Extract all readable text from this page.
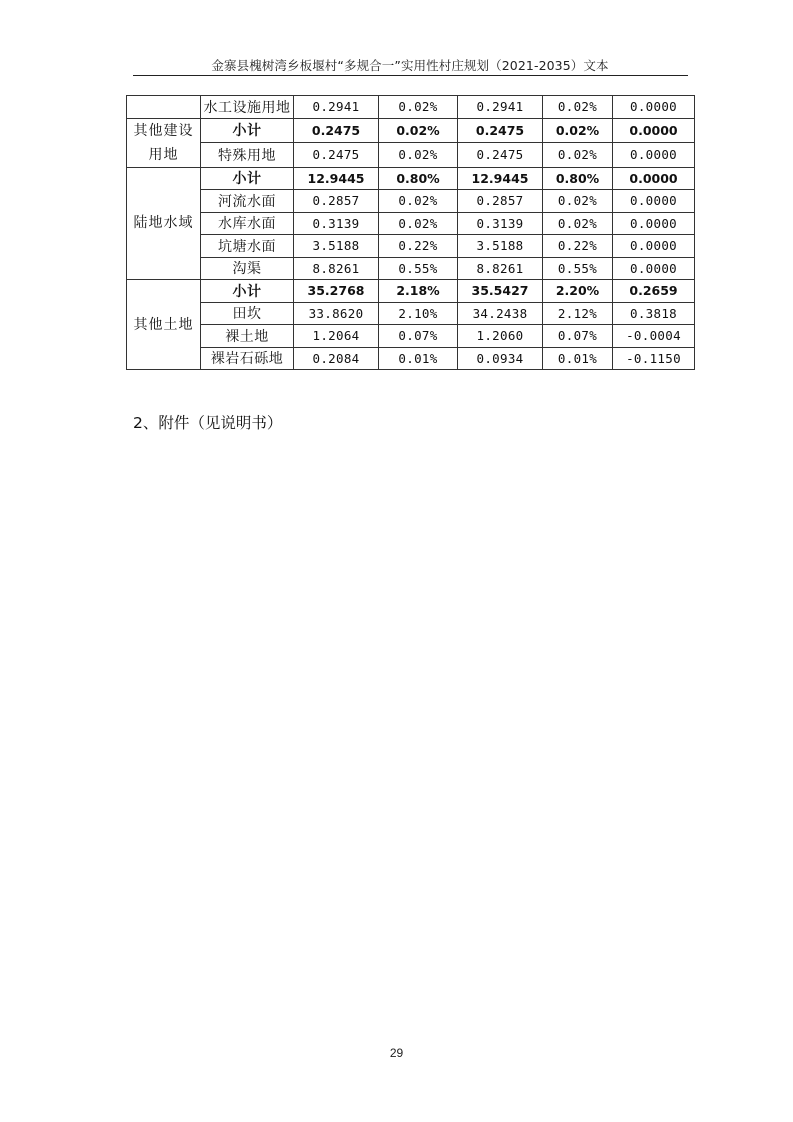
金寨县槐树湾乡板堰村“多规合一”实用性村庄规划（2021-2035）文本
	水工设施用地	0.2941	0.02%	0.2941	0.02%	0.0000
其他建设用地	小计	0.2475	0.02%	0.2475	0.02%	0.0000
	特殊用地	0.2475	0.02%	0.2475	0.02%	0.0000
陆地水域	小计	12.9445	0.80%	12.9445	0.80%	0.0000
	河流水面	0.2857	0.02%	0.2857	0.02%	0.0000
	水库水面	0.3139	0.02%	0.3139	0.02%	0.0000
	坑塘水面	3.5188	0.22%	3.5188	0.22%	0.0000
	沟渠	8.8261	0.55%	8.8261	0.55%	0.0000
其他土地	小计	35.2768	2.18%	35.5427	2.20%	0.2659
	田坎	33.8620	2.10%	34.2438	2.12%	0.3818
	裸土地	1.2064	0.07%	1.2060	0.07%	-0.0004
	裸岩石砾地	0.2084	0.01%	0.0934	0.01%	-0.1150
2、附件（见说明书）
29
